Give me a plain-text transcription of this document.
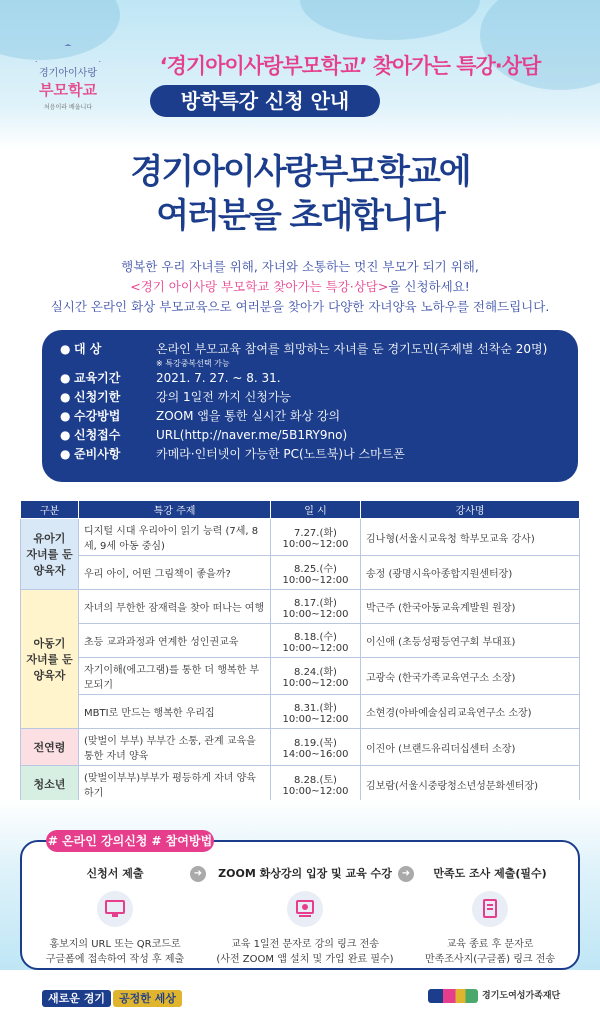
경기아이사랑
부모학교
처음이라 배웁니다
‘경기아이사랑부모학교’ 찾아가는 특강·상담
방학특강 신청 안내
경기아이사랑부모학교에
여러분을 초대합니다
행복한 우리 자녀를 위해, 자녀와 소통하는 멋진 부모가 되기 위해,
<경기 아이사랑 부모학교 찾아가는 특강·상담>을 신청하세요!
실시간 온라인 화상 부모교육으로 여러분을 찾아가 다양한 자녀양육 노하우를 전해드립니다.
● 대 상	온라인 부모교육 참여를 희망하는 자녀를 둔 경기도민(주제별 선착순 20명)
※ 특강중복선택 가능
● 교육기간	2021. 7. 27. ~ 8. 31.
● 신청기한	강의 1일전 까지 신청가능
● 수강방법	ZOOM 앱을 통한 실시간 화상 강의
● 신청접수	URL(http://naver.me/5B1RY9no)
● 준비사항	카메라·인터넷이 가능한 PC(노트북)나 스마트폰
구분	특강 주제	일 시	강사명
유아기
자녀를 둔
양육자	디지털 시대 우리아이 읽기 능력 (7세, 8세, 9세 아동 중심)	7.27.(화) 10:00~12:00	김나형(서울시교육청 학부모교육 강사)
	우리 아이, 어떤 그림책이 좋을까?	8.25.(수) 10:00~12:00	송정 (광명시육아종합지원센터장)
아동기
자녀를 둔
양육자	자녀의 무한한 잠재력을 찾아 떠나는 여행	8.17.(화) 10:00~12:00	박근주 (한국아동교육계발원 원장)
	초등 교과과정과 연계한 성인권교육	8.18.(수) 10:00~12:00	이신애 (초등성평등연구회 부대표)
	자기이해(에고그램)를 통한 더 행복한 부모되기	8.24.(화) 10:00~12:00	고광숙 (한국가족교육연구소 소장)
	MBTI로 만드는 행복한 우리집	8.31.(화) 10:00~12:00	소현경(아바예술심리교육연구소 소장)
전연령	(맞벌이 부부) 부부간 소통, 관계 교육을 통한 자녀 양육	8.19.(목) 14:00~16:00	이진아 (브랜드유리더십센터 소장)
청소년	(맞벌이부부)부부가 평등하게 자녀 양육하기	8.28.(토) 10:00~12:00	김보람(서울시중랑청소년성문화센터장)
# 온라인 강의신청 # 참여방법
신청서 제출
홍보지의 URL 또는 QR코드로
구글폼에 접속하여 작성 후 제출
➜	ZOOM 화상강의 입장 및 교육 수강
교육 1일전 문자로 강의 링크 전송
(사전 ZOOM 앱 설치 및 가입 완료 필수)
➜	만족도 조사 제출(필수)
교육 종료 후 문자로
만족조사지(구글폼) 링크 전송
새로운 경기 공정한 세상	경기도여성가족재단
